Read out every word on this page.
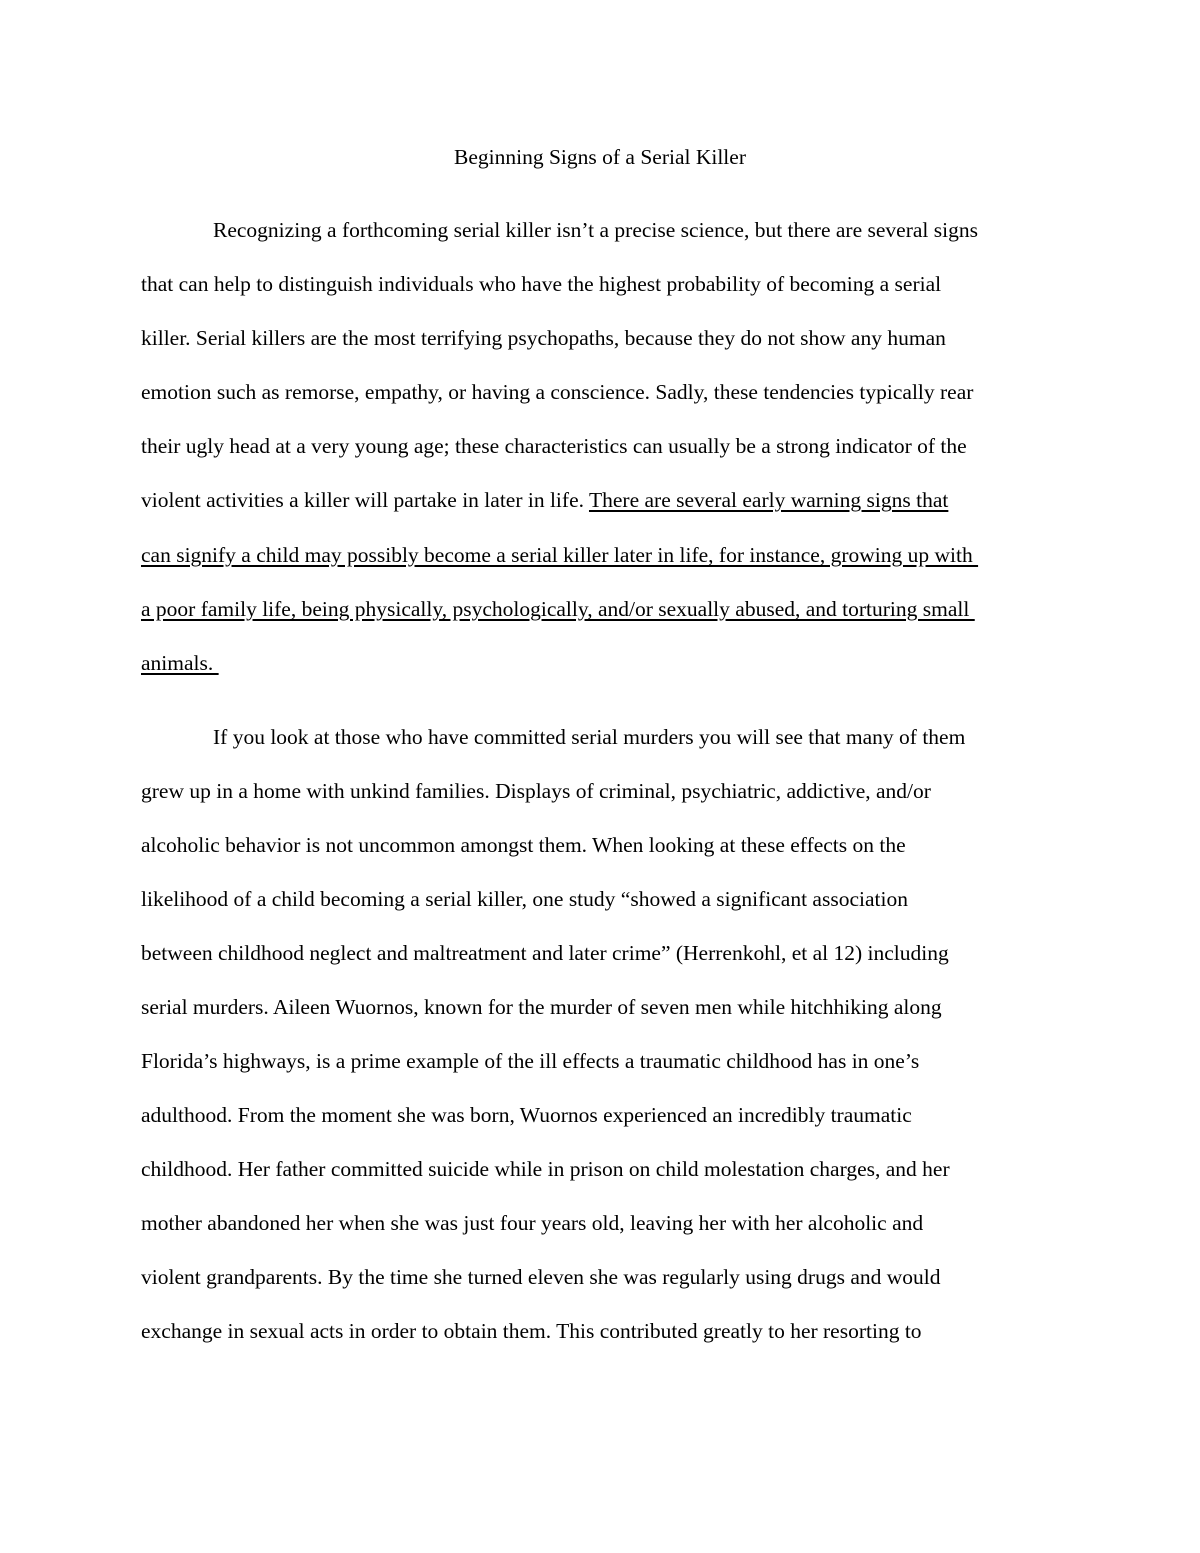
Beginning Signs of a Serial Killer
Recognizing a forthcoming serial killer isn’t a precise science, but there are several signs
that can help to distinguish individuals who have the highest probability of becoming a serial
killer. Serial killers are the most terrifying psychopaths, because they do not show any human
emotion such as remorse, empathy, or having a conscience. Sadly, these tendencies typically rear
their ugly head at a very young age; these characteristics can usually be a strong indicator of the
violent activities a killer will partake in later in life. There are several early warning signs that
can signify a child may possibly become a serial killer later in life, for instance, growing up with
a poor family life, being physically, psychologically, and/or sexually abused, and torturing small
animals.
If you look at those who have committed serial murders you will see that many of them
grew up in a home with unkind families. Displays of criminal, psychiatric, addictive, and/or
alcoholic behavior is not uncommon amongst them. When looking at these effects on the
likelihood of a child becoming a serial killer, one study “showed a significant association
between childhood neglect and maltreatment and later crime” (Herrenkohl, et al 12) including
serial murders. Aileen Wuornos, known for the murder of seven men while hitchhiking along
Florida’s highways, is a prime example of the ill effects a traumatic childhood has in one’s
adulthood. From the moment she was born, Wuornos experienced an incredibly traumatic
childhood. Her father committed suicide while in prison on child molestation charges, and her
mother abandoned her when she was just four years old, leaving her with her alcoholic and
violent grandparents. By the time she turned eleven she was regularly using drugs and would
exchange in sexual acts in order to obtain them. This contributed greatly to her resorting to
